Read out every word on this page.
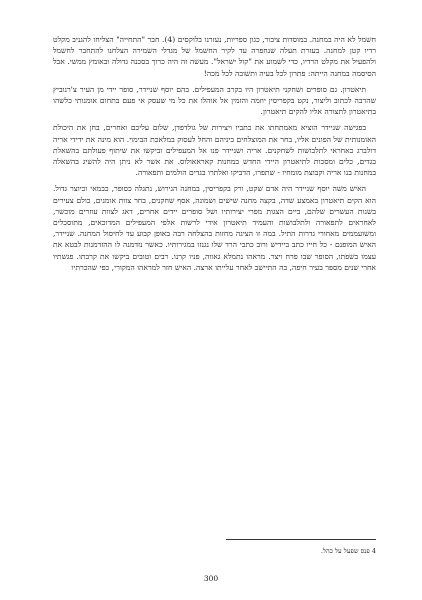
חשמל לא היה במחנה. במוסדות ציבור, כגון ספריות, נעזרנו בלוקסים (4). חבר "התחייה" הצליחו להגניב מקלט רדיו קטן למחנה. בעזרת תעלה שנחפרה עד לקיר החשמל של מגדלי השמירה הצלחנו להתחבר לחשמל ולהפעיל את מקלט הרדיו, כדי לשמוע את "קול ישראל". מעשה זה היה כרוך בסכנה גדולה ובאומץ ממשי. אבל הסיסמה במחנה הייתה: פתרון לכל בעיה ותשובה לכל מכה!

תיאטרון. גם סופרים ושחקני תיאטרון היו בקרב המעפילים. בהם יוסף שניידר, סופר יידי מן העיר צ'רנוביץ שהרבה לכתוב וליצור, נקט בקפריסין יוזמה והזמין אל אוהלו את כל מי שעסק אי פעם בתחום אומנותי כלשהו בתיאטרון לתצורה אליו להקים תיאטרון.

בפגישה שניידר הוציא מאמתחתו את כתביו ויצירות של גולדפדן, שלום עליכם ואחרים, בחן את היכולת האומנותית של הפונים אליו, בחר את המוצלחים ביניהם והחל לעסוק במלאכת הבימוי. הוא מינה את ידידי אריה דולברג כאחראי לתלבושות לשחקנים. אריה ושניידר פנו אל המעפילים וביקשו את שיתוף פעולתם בהשאלת בגדים, כלים ומסכות לתיאטרון היידי החדש במחנות קאראאולוס. את אשר לא ניתן היה להשיג בהשאלה במחנות בנו אריה וקבוצת מומחיו - שתפרו, הדביקו ואלתרו בגדים הולמים ותפאורה.

האיש משה יוסף שניידר היה אדם שקט, ורק בקפריסין, במחנה הגירוש, נתגלה כסופר, כבמאי וכיוצר גדול. הוא הקים תיאטרון באמצע שדה, בקצה מחנה שישים ושמונה, אסף שחקנים, בחר צוות אומנים, כולם צעירים בשנות העשרים שלהם, ביים הצגות מפרי יצירותיו ושל סופרים יידים אחרים, דאג לצוות עוזרים מוכשר, לאחראים לתפאורה ולתלבושות והעמיד תיאטרון אידי לרשות אלפי המעפילים המדוכאים, מתוסכלים ומשועממים מאחורי גדרות התיל. במה זו הציגה מחזות בהצלחה רבה באופן קבוע עד לחיסול המחנה. שניידר, האיש המופנם - כל חייו כתב ביידיש ורוב כתבי הרד שלו נגנזו במגירותיו. כאשר נזדמנה לו ההזדמנות לבטא את עצמו בשפתו, הסופר שבו פרח ויצר. מראהו נתמלא גאווה, פניו קרנו. רבים וטובים ביקשו את קרבתו. פגשתיו אחרי שנים מספר בעיר חיפה, בה התיישב לאחר עלייתו ארצה. האיש חזר למראהו המקורי, כפי שהכרתיו

4 פנס שפעל על כהל.
300
